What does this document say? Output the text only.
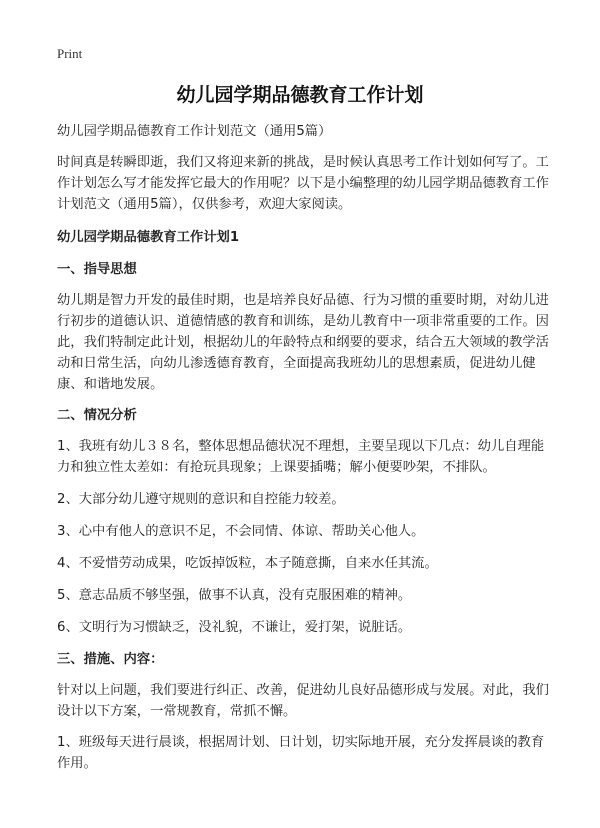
Print
幼儿园学期品德教育工作计划

幼儿园学期品德教育工作计划范文（通用5篇）

时间真是转瞬即逝，我们又将迎来新的挑战，是时候认真思考工作计划如何写了。工作计划怎么写才能发挥它最大的作用呢？以下是小编整理的幼儿园学期品德教育工作计划范文（通用5篇），仅供参考，欢迎大家阅读。

幼儿园学期品德教育工作计划1

一、指导思想

幼儿期是智力开发的最佳时期，也是培养良好品德、行为习惯的重要时期，对幼儿进行初步的道德认识、道德情感的教育和训练，是幼儿教育中一项非常重要的工作。因此，我们特制定此计划，根据幼儿的年龄特点和纲要的要求，结合五大领域的教学活动和日常生活，向幼儿渗透德育教育，全面提高我班幼儿的思想素质，促进幼儿健康、和谐地发展。

二、情况分析

1、我班有幼儿３８名，整体思想品德状况不理想，主要呈现以下几点：幼儿自理能力和独立性太差如：有抢玩具现象；上课要插嘴；解小便要吵架，不排队。

2、大部分幼儿遵守规则的意识和自控能力较差。

3、心中有他人的意识不足，不会同情、体谅、帮助关心他人。

4、不爱惜劳动成果，吃饭掉饭粒，本子随意撕，自来水任其流。

5、意志品质不够坚强，做事不认真，没有克服困难的精神。

6、文明行为习惯缺乏，没礼貌，不谦让，爱打架，说脏话。

三、措施、内容：

针对以上问题，我们要进行纠正、改善，促进幼儿良好品德形成与发展。对此，我们设计以下方案，一常规教育，常抓不懈。

1、班级每天进行晨谈，根据周计划、日计划，切实际地开展，充分发挥晨谈的教育作用。
